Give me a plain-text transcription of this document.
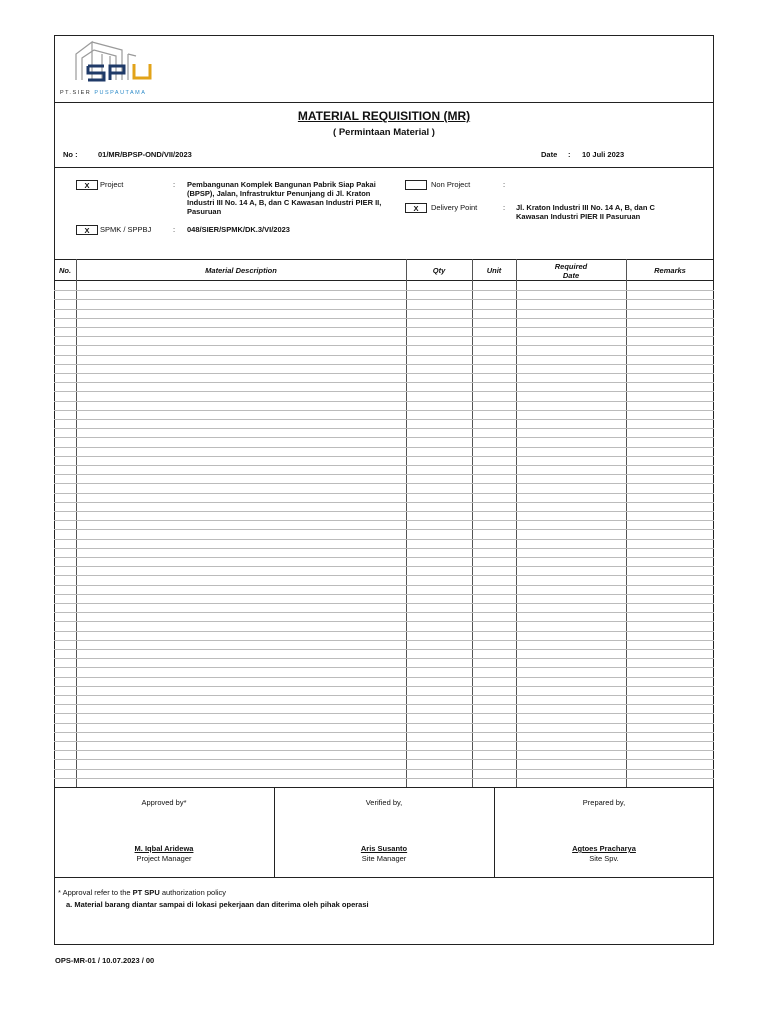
PT.SIER PUSPAUTAMA
MATERIAL REQUISITION (MR)
( Permintaan Material )
No :	01/MR/BPSP-OND/VII/2023	Date : 10 Juli 2023
X	Project	: Pembangunan Komplek Bangunan Pabrik Siap Pakai (BPSP), Jalan, Infrastruktur Penunjang di Jl. Kraton Industri III No. 14 A, B, dan C Kawasan Industri PIER II, Pasuruan
Non Project	:
X	Delivery Point	: Jl. Kraton Industri III No. 14 A, B, dan C Kawasan Industri PIER II Pasuruan
X	SPMK / SPPBJ	: 048/SIER/SPMK/DK.3/VI/2023
No.	Material Description	Qty	Unit	Required Date	Remarks
Approved by*
M. Iqbal Aridewa
Project Manager
Verified by,
Aris Susanto
Site Manager
Prepared by,
Agtoes Pracharya
Site Spv.
* Approval refer to the PT SPU authorization policy
a. Material barang diantar sampai di lokasi pekerjaan dan diterima oleh pihak operasi
OPS-MR-01 / 10.07.2023 / 00
